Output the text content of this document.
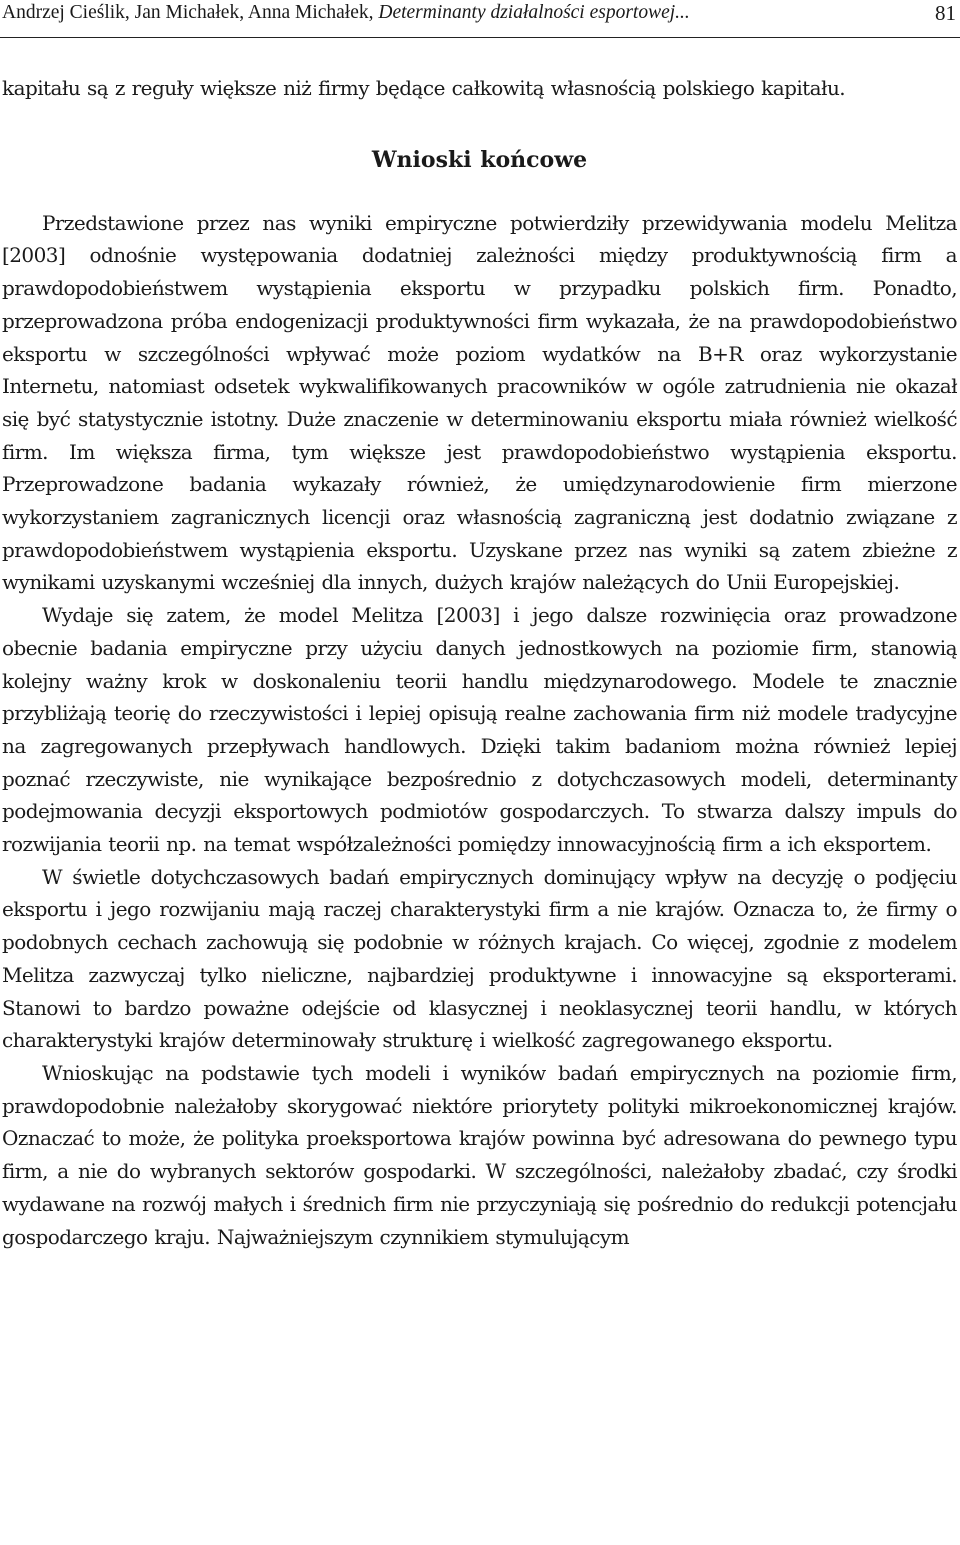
Andrzej Cieślik, Jan Michałek, Anna Michałek, Determinanty działalności esportowej...	81

kapitału są z reguły większe niż firmy będące całkowitą własnością polskiego kapitału.

Wnioski końcowe

Przedstawione przez nas wyniki empiryczne potwierdziły przewidywania modelu Melitza [2003] odnośnie występowania dodatniej zależności między produktywnością firm a prawdopodobieństwem wystąpienia eksportu w przypadku polskich firm. Ponadto, przeprowadzona próba endogenizacji produktywności firm wykazała, że na prawdopodobieństwo eksportu w szczególności wpływać może poziom wydatków na B+R oraz wykorzystanie Internetu, natomiast odsetek wykwalifikowanych pracowników w ogóle zatrudnienia nie okazał się być statystycznie istotny. Duże znaczenie w determinowaniu eksportu miała również wielkość firm. Im większa firma, tym większe jest prawdopodobieństwo wystąpienia eksportu. Przeprowadzone badania wykazały również, że umiędzynarodowienie firm mierzone wykorzystaniem zagranicznych licencji oraz własnością zagraniczną jest dodatnio związane z prawdopodobieństwem wystąpienia eksportu. Uzyskane przez nas wyniki są zatem zbieżne z wynikami uzyskanymi wcześniej dla innych, dużych krajów należących do Unii Europejskiej.

Wydaje się zatem, że model Melitza [2003] i jego dalsze rozwinięcia oraz prowadzone obecnie badania empiryczne przy użyciu danych jednostkowych na poziomie firm, stanowią kolejny ważny krok w doskonaleniu teorii handlu międzynarodowego. Modele te znacznie przybliżają teorię do rzeczywistości i lepiej opisują realne zachowania firm niż modele tradycyjne na zagregowanych przepływach handlowych. Dzięki takim badaniom można również lepiej poznać rzeczywiste, nie wynikające bezpośrednio z dotychczasowych modeli, determinanty podejmowania decyzji eksportowych podmiotów gospodarczych. To stwarza dalszy impuls do rozwijania teorii np. na temat współzależności pomiędzy innowacyjnością firm a ich eksportem.

W świetle dotychczasowych badań empirycznych dominujący wpływ na decyzję o podjęciu eksportu i jego rozwijaniu mają raczej charakterystyki firm a nie krajów. Oznacza to, że firmy o podobnych cechach zachowują się podobnie w różnych krajach. Co więcej, zgodnie z modelem Melitza zazwyczaj tylko nieliczne, najbardziej produktywne i innowacyjne są eksporterami. Stanowi to bardzo poważne odejście od klasycznej i neoklasycznej teorii handlu, w których charakterystyki krajów determinowały strukturę i wielkość zagregowanego eksportu.

Wnioskując na podstawie tych modeli i wyników badań empirycznych na poziomie firm, prawdopodobnie należałoby skorygować niektóre priorytety polityki mikroekonomicznej krajów. Oznaczać to może, że polityka proeksportowa krajów powinna być adresowana do pewnego typu firm, a nie do wybranych sektorów gospodarki. W szczególności, należałoby zbadać, czy środki wydawane na rozwój małych i średnich firm nie przyczyniają się pośrednio do redukcji potencjału gospodarczego kraju. Najważniejszym czynnikiem stymulującym
